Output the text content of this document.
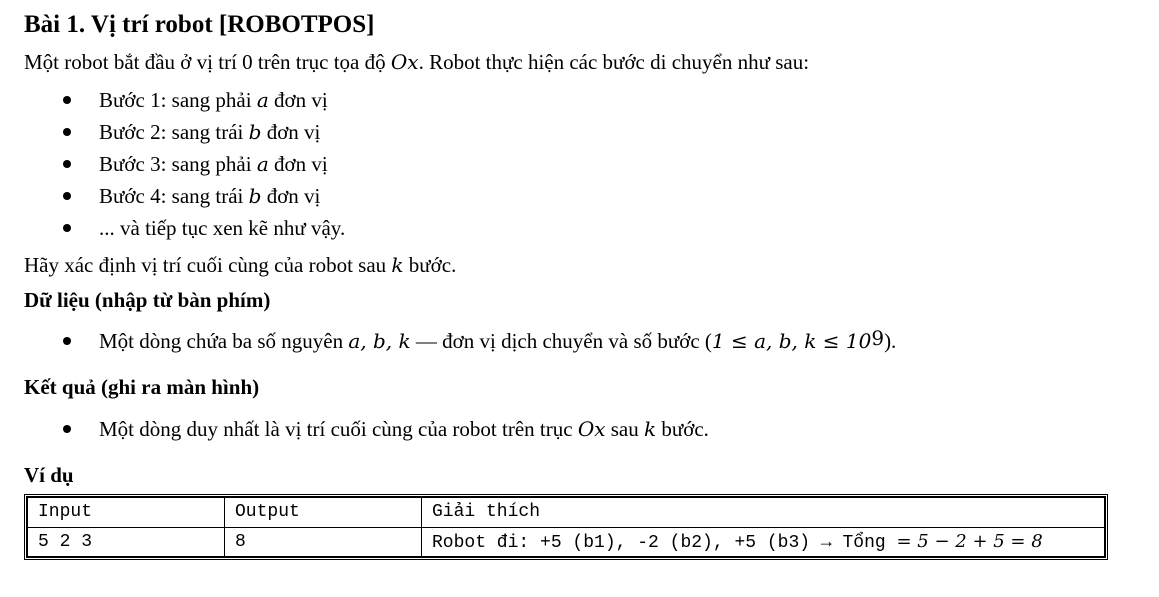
Bài 1. Vị trí robot [ROBOTPOS]

Một robot bắt đầu ở vị trí 0 trên trục tọa độ Ox. Robot thực hiện các bước di chuyển như sau:

Bước 1: sang phải a đơn vị
Bước 2: sang trái b đơn vị
Bước 3: sang phải a đơn vị
Bước 4: sang trái b đơn vị
... và tiếp tục xen kẽ như vậy.

Hãy xác định vị trí cuối cùng của robot sau k bước.

Dữ liệu (nhập từ bàn phím)

Một dòng chứa ba số nguyên a, b, k — đơn vị dịch chuyển và số bước (1 ≤ a, b, $k \le 10^9$).

Kết quả (ghi ra màn hình)

Một dòng duy nhất là vị trí cuối cùng của robot trên trục Ox sau k bước.

Ví dụ

Input	Output	Giải thích
5 2 3	8	Robot đi: +5 (b1), -2 (b2), +5 (b3) → Tổng = 5 − 2 + 5 = 8
